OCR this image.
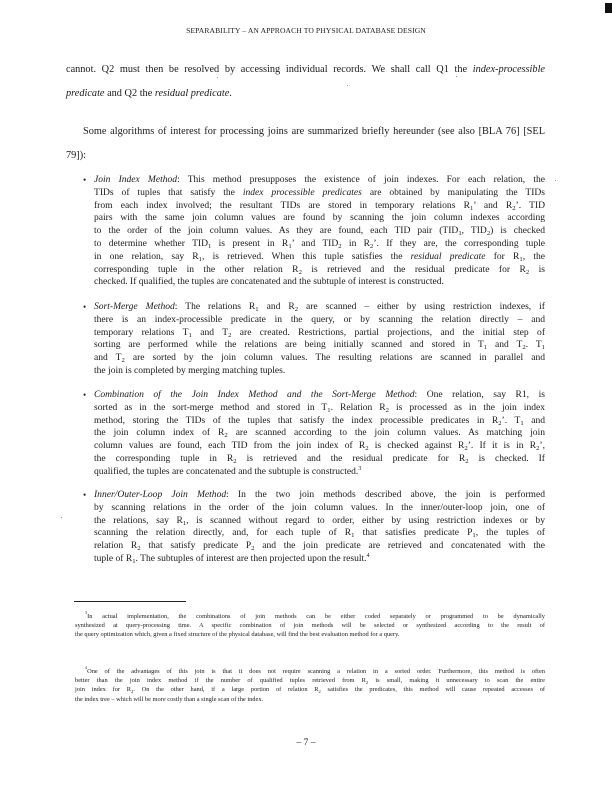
SEPARABILITY – AN APPROACH TO PHYSICAL DATABASE DESIGN
cannot. Q2 must then be resolved by accessing individual records. We shall call Q1 the index-processible
predicate and Q2 the residual predicate.
Some algorithms of interest for processing joins are summarized briefly hereunder (see also [BLA 76] [SEL
79]):
• Join Index Method: This method presupposes the existence of join indexes. For each relation, the
TIDs of tuples that satisfy the index processible predicates are obtained by manipulating the TIDs
from each index involved; the resultant TIDs are stored in temporary relations $R_1$’ and $R_2$’. TID
pairs with the same join column values are found by scanning the join column indexes according
to the order of the join column values. As they are found, each TID pair ($TID_1$, $TID_2$) is checked
to determine whether $TID_1$ is present in $R_1$’ and $TID_2$ in $R_2$’. If they are, the corresponding tuple
in one relation, say $R_1$, is retrieved. When this tuple satisfies the residual predicate for $R_1$, the
corresponding tuple in the other relation $R_2$ is retrieved and the residual predicate for $R_2$ is
checked. If qualified, the tuples are concatenated and the subtuple of interest is constructed.
• Sort-Merge Method: The relations $R_1$ and $R_2$ are scanned – either by using restriction indexes, if
there is an index-processible predicate in the query, or by scanning the relation directly – and
temporary relations $T_1$ and $T_2$ are created. Restrictions, partial projections, and the initial step of
sorting are performed while the relations are being initially scanned and stored in $T_1$ and $T_2$. $T_1$
and $T_2$ are sorted by the join column values. The resulting relations are scanned in parallel and
the join is completed by merging matching tuples.
• Combination of the Join Index Method and the Sort-Merge Method: One relation, say R1, is
sorted as in the sort-merge method and stored in $T_1$. Relation $R_2$ is processed as in the join index
method, storing the TIDs of the tuples that satisfy the index processible predicates in $R_2$’. $T_1$ and
the join column index of $R_2$ are scanned according to the join column values. As matching join
column values are found, each TID from the join index of $R_2$ is checked against $R_2$’. If it is in $R_2$’,
the corresponding tuple in $R_2$ is retrieved and the residual predicate for $R_2$ is checked. If
qualified, the tuples are concatenated and the subtuple is constructed.$^3$
• Inner/Outer-Loop Join Method: In the two join methods described above, the join is performed
by scanning relations in the order of the join column values. In the inner/outer-loop join, one of
the relations, say $R_1$, is scanned without regard to order, either by using restriction indexes or by
scanning the relation directly, and, for each tuple of $R_1$ that satisfies predicate $P_1$, the tuples of
relation $R_2$ that satisfy predicate $P_2$ and the join predicate are retrieved and concatenated with the
tuple of $R_1$. The subtuples of interest are then projected upon the result.$^4$
$^3$In actual implementation, the combinations of join methods can be either coded separately or programmed to be dynamically
synthesized at query-processing time. A specific combination of join methods will be selected or synthesized according to the result of
the query optimization which, given a fixed structure of the physical database, will find the best evaluation method for a query.
$^4$One of the advantages of this join is that it does not require scanning a relation in a sorted order. Furthermore, this method is often
better than the join index method if the number of qualified tuples retrieved from $R_2$ is small, making it unnecessary to scan the entire
join index for $R_2$. On the other hand, if a large portion of relation $R_2$ satisfies the predicates, this method will cause repeated accesses of
the index tree – which will be more costly than a single scan of the index.
– 7 –
